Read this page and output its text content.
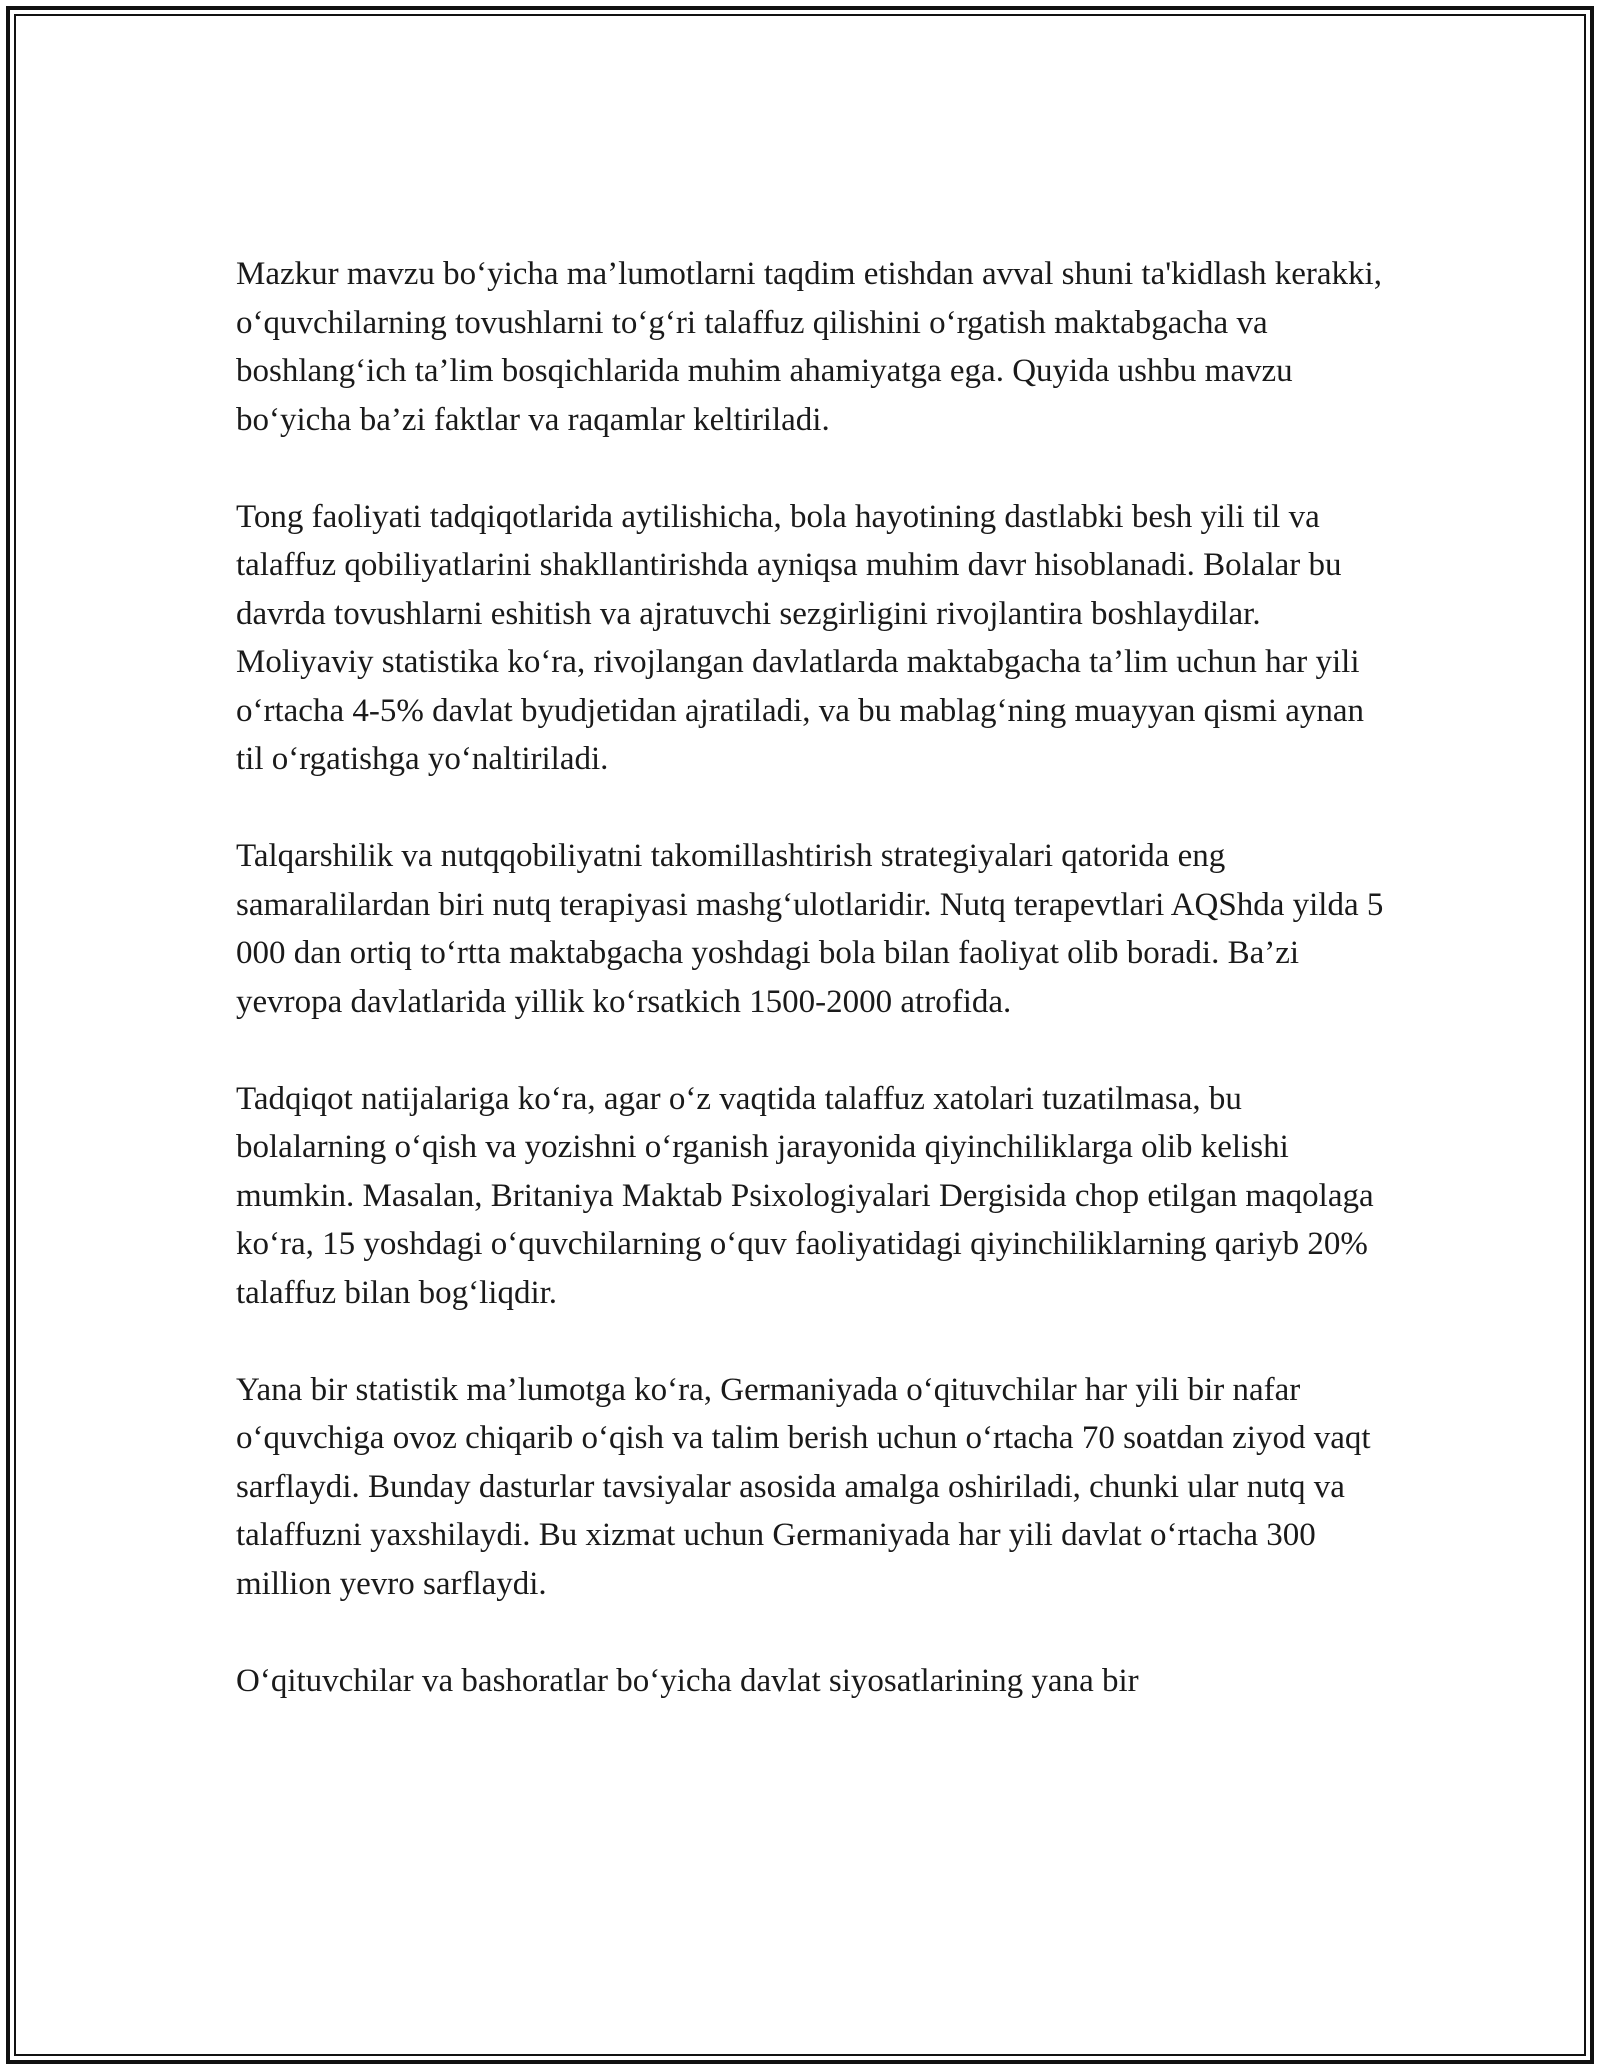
Mazkur mavzu bo‘yicha ma’lumotlarni taqdim etishdan avval shuni ta'kidlash kerakki, o‘quvchilarning tovushlarni to‘g‘ri talaffuz qilishini o‘rgatish maktabgacha va boshlang‘ich ta’lim bosqichlarida muhim ahamiyatga ega. Quyida ushbu mavzu bo‘yicha ba’zi faktlar va raqamlar keltiriladi.

Tong faoliyati tadqiqotlarida aytilishicha, bola hayotining dastlabki besh yili til va talaffuz qobiliyatlarini shakllantirishda ayniqsa muhim davr hisoblanadi. Bolalar bu davrda tovushlarni eshitish va ajratuvchi sezgirligini rivojlantira boshlaydilar. Moliyaviy statistika ko‘ra, rivojlangan davlatlarda maktabgacha ta’lim uchun har yili o‘rtacha 4-5% davlat byudjetidan ajratiladi, va bu mablag‘ning muayyan qismi aynan til o‘rgatishga yo‘naltiriladi.

Talqarshilik va nutqqobiliyatni takomillashtirish strategiyalari qatorida eng samaralilardan biri nutq terapiyasi mashg‘ulotlaridir. Nutq terapevtlari AQShda yilda 5 000 dan ortiq to‘rtta maktabgacha yoshdagi bola bilan faoliyat olib boradi. Ba’zi yevropa davlatlarida yillik ko‘rsatkich 1500-2000 atrofida.

Tadqiqot natijalariga ko‘ra, agar o‘z vaqtida talaffuz xatolari tuzatilmasa, bu bolalarning o‘qish va yozishni o‘rganish jarayonida qiyinchiliklarga olib kelishi mumkin. Masalan, Britaniya Maktab Psixologiyalari Dergisida chop etilgan maqolaga ko‘ra, 15 yoshdagi o‘quvchilarning o‘quv faoliyatidagi qiyinchiliklarning qariyb 20% talaffuz bilan bog‘liqdir.

Yana bir statistik ma’lumotga ko‘ra, Germaniyada o‘qituvchilar har yili bir nafar o‘quvchiga ovoz chiqarib o‘qish va talim berish uchun o‘rtacha 70 soatdan ziyod vaqt sarflaydi. Bunday dasturlar tavsiyalar asosida amalga oshiriladi, chunki ular nutq va talaffuzni yaxshilaydi. Bu xizmat uchun Germaniyada har yili davlat o‘rtacha 300 million yevro sarflaydi.

O‘qituvchilar va bashoratlar bo‘yicha davlat siyosatlarining yana bir
